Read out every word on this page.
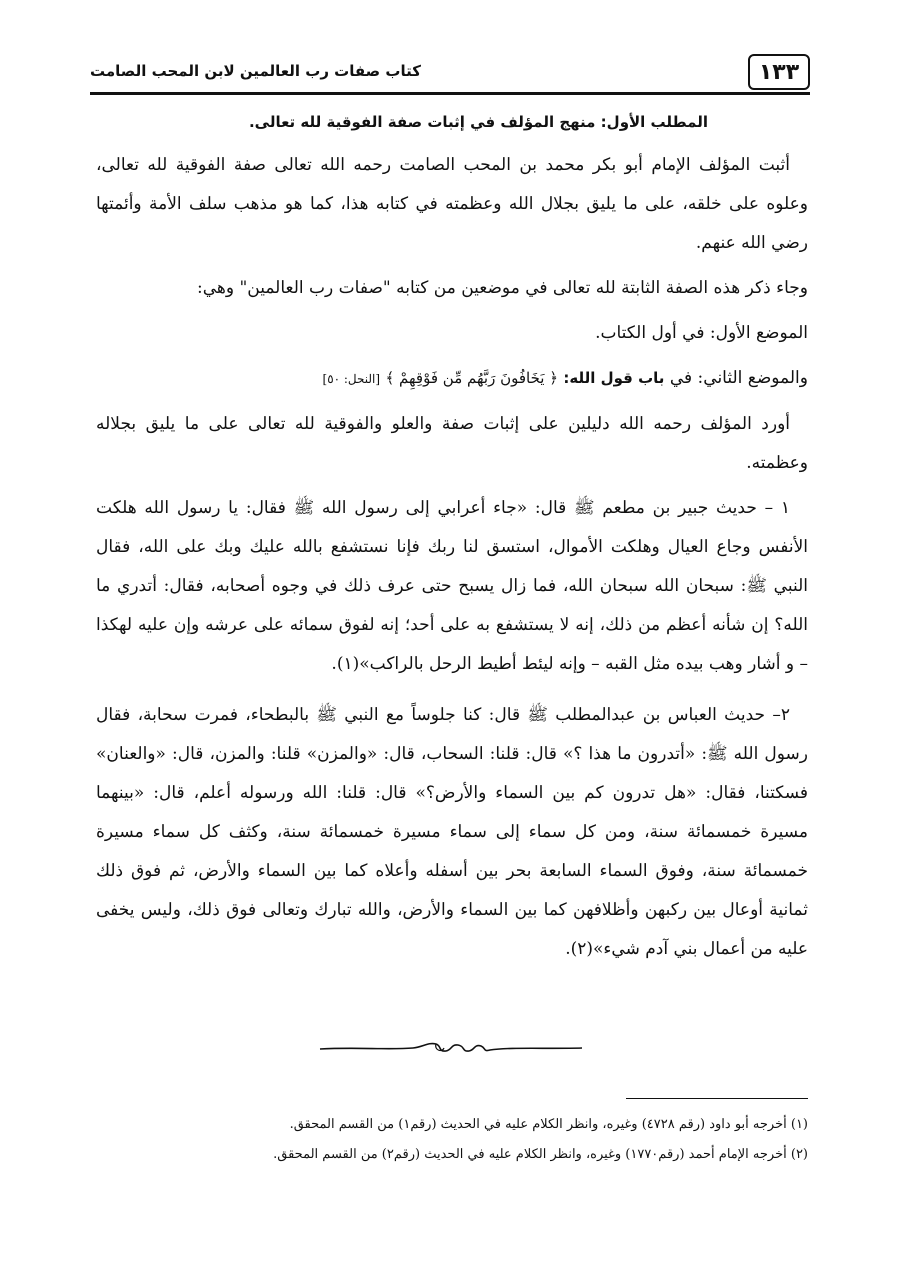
١٣٣
كتاب صفات رب العالمين لابن المحب الصامت
المطلب الأول: منهج المؤلف في إثبات صفة الفوقية لله تعالى.

أثبت المؤلف الإمام أبو بكر محمد بن المحب الصامت رحمه الله تعالى صفة الفوقية لله تعالى، وعلوه على خلقه، على ما يليق بجلال الله وعظمته في كتابه هذا، كما هو مذهب سلف الأمة وأئمتها رضي الله عنهم.

وجاء ذكر هذه الصفة الثابتة لله تعالى في موضعين من كتابه "صفات رب العالمين" وهي:

الموضع الأول: في أول الكتاب.

والموضع الثاني: في باب قول الله: ﴿ يَخَافُونَ رَبَّهُم مِّن فَوْقِهِمْ ﴾ [النحل: ٥٠]

أورد المؤلف رحمه الله دليلين على إثبات صفة والعلو والفوقية لله تعالى على ما يليق بجلاله وعظمته.

١ – حديث جبير بن مطعم ﷺ قال: «جاء أعرابي إلى رسول الله ﷺ فقال: يا رسول الله هلكت الأنفس وجاع العيال وهلكت الأموال، استسق لنا ربك فإنا نستشفع بالله عليك وبك على الله، فقال النبي ﷺ: سبحان الله سبحان الله، فما زال يسبح حتى عرف ذلك في وجوه أصحابه، فقال: أتدري ما الله؟ إن شأنه أعظم من ذلك، إنه لا يستشفع به على أحد؛ إنه لفوق سمائه على عرشه وإن عليه لهكذا – و أشار وهب بيده مثل القبه – وإنه ليئط أطيط الرحل بالراكب»(١).

٢– حديث العباس بن عبدالمطلب ﷺ قال: كنا جلوساً مع النبي ﷺ بالبطحاء، فمرت سحابة، فقال رسول الله ﷺ: «أتدرون ما هذا ؟» قال: قلنا: السحاب، قال: «والمزن» قلنا: والمزن، قال: «والعنان» فسكتنا، فقال: «هل تدرون كم بين السماء والأرض؟» قال: قلنا: الله ورسوله أعلم، قال: «بينهما مسيرة خمسمائة سنة، ومن كل سماء إلى سماء مسيرة خمسمائة سنة، وكثف كل سماء مسيرة خمسمائة سنة، وفوق السماء السابعة بحر بين أسفله وأعلاه كما بين السماء والأرض، ثم فوق ذلك ثمانية أوعال بين ركبهن وأظلافهن كما بين السماء والأرض، والله تبارك وتعالى فوق ذلك، وليس يخفى عليه من أعمال بني آدم شيء»(٢).

(١) أخرجه أبو داود (رقم ٤٧٢٨) وغيره، وانظر الكلام عليه في الحديث (رقم١) من القسم المحقق.

(٢) أخرجه الإمام أحمد (رقم١٧٧٠) وغيره، وانظر الكلام عليه في الحديث (رقم٢) من القسم المحقق.
